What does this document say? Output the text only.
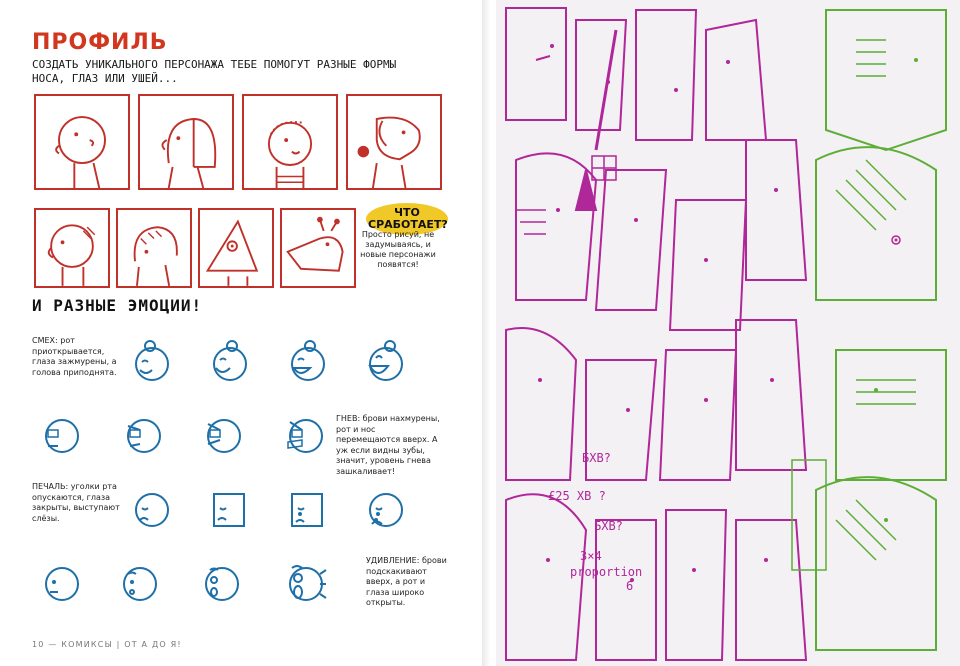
ПРОФИЛЬ
СОЗДАТЬ УНИКАЛЬНОГО ПЕРСОНАЖА ТЕБЕ ПОМОГУТ РАЗНЫЕ ФОРМЫ НОСА, ГЛАЗ ИЛИ УШЕЙ...
ЧТО СРАБОТАЕТ?
Просто рисуй, не задумываясь, и новые персонажи появятся!
И РАЗНЫЕ ЭМОЦИИ!
СМЕХ: рот приоткрывается, глаза зажмурены, а голова приподнята.
ГНЕВ: брови нахмурены, рот и нос перемещаются вверх. А уж если видны зубы, значит, уровень гнева зашкаливает!
ПЕЧАЛЬ: уголки рта опускаются, глаза закрыты, выступают слёзы.
УДИВЛЕНИЕ: брови подскакивают вверх, а рот и глаза широко открыты.
10 — КОМИКСЫ | ОТ А ДО Я!
БХВ?
£25 ХВ ?
БХВ?
3×4
proportion
6
